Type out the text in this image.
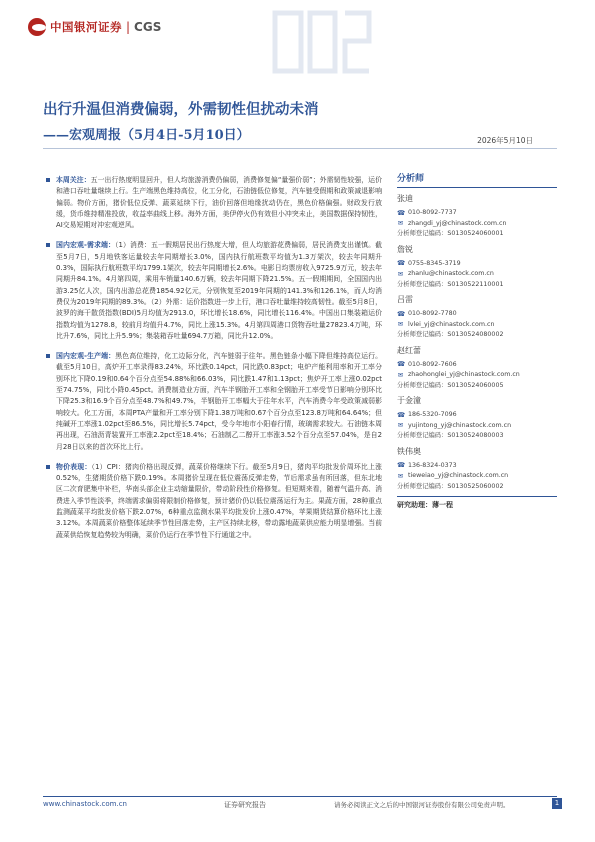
中国银河证券 | CGS
出行升温但消费偏弱，外需韧性但扰动未消
——宏观周报（5月4日-5月10日）	2026年5月10日

本周关注：五一出行热度明显回升，但人均旅游消费仍偏弱，消费修复偏“量强价弱”；外需韧性较强，运价和港口吞吐量继续上行。生产端黑色维持高位，化工分化，石油链低位修复，汽车链受假期和政策减退影响偏弱。物价方面，猪价低位反弹、蔬菜延续下行，油价回落但地缘扰动仍在，黑色价格偏强。财政发行放缓，货币维持精准投放，收益率曲线上移。海外方面，美伊停火仍有效但小冲突未止，美国数据保持韧性，AI交易短期对冲宏观逆风。

国内宏观-需求端：（1）消费：五一假期居民出行热度大增，但人均旅游花费偏弱，居民消费支出谨慎。截至5月7日，5月地铁客运量较去年同期增长3.0%，国内执行航班数平均值为1.3万架次，较去年同期升0.3%，国际执行航班数平均1799.1架次，较去年同期增长2.6%。电影日均票房收入9725.9万元，较去年同期升84.1%。4月第四周，乘用车销量140.6万辆，较去年同期下降21.5%。五一假期期间，全国国内出游3.25亿人次，国内出游总花费1854.92亿元，分别恢复至2019年同期的141.3%和126.1%，而人均消费仅为2019年同期的89.3%。（2）外需：运价指数进一步上行，港口吞吐量维持较高韧性。截至5月8日，波罗的海干散货指数(BDI)5月均值为2913.0，环比增长18.6%，同比增长116.4%。中国出口集装箱运价指数均值为1278.8，较前月均值升4.7%，同比上涨15.3%。4月第四周港口货物吞吐量27823.4万吨，环比升7.6%，同比上升5.9%；集装箱吞吐量694.7万箱，同比升12.0%。

国内宏观-生产端：黑色高位维持，化工边际分化，汽车链弱于往年。黑色链条小幅下降但维持高位运行。截至5月10日，高炉开工率录得83.24%，环比跌0.14pct，同比跌0.83pct；电炉产能利用率和开工率分别环比下降0.19和0.64个百分点至54.88%和66.03%，同比跌1.47和1.13pct；焦炉开工率上涨0.02pct至74.75%，同比小降0.45pct。消费制造业方面，汽车半钢胎开工率和全钢胎开工率受节日影响分别环比下降25.3和16.9个百分点至48.7%和49.7%，半钢胎开工率幅大于往年水平，汽车消费今年受政策减弱影响较大。化工方面，本周PTA产量和开工率分别下降1.38万吨和0.67个百分点至123.8万吨和64.64%；但纯碱开工率涨1.02pct至86.5%，同比增长5.74pct，受今年地市小阳春行情，玻璃需求较大。石油链本周再出现，石油沥青装置开工率涨2.2pct至18.4%；石油制乙二醇开工率涨3.52个百分点至57.04%，是自2月28日以来的首次环比上行。

物价表现：（1）CPI：猪肉价格出现反弹，蔬菜价格继续下行。截至5月9日，猪肉平均批发价周环比上涨0.52%，生猪期货价格下跌0.19%。本周猪价呈现在低位震荡反弹走势，节后需求虽有所回落，但东北地区二次育肥集中补栏，华南头部企业主动缩量限价，带动阶段性价格修复。但短期来看，随着气温升高、消费进入季节性淡季，终端需求偏弱将限制价格修复，预计猪价仍以低位震荡运行为主。果蔬方面，28种重点监测蔬菜平均批发价格下跌2.07%，6种重点监测水果平均批发价上涨0.47%，苹果期货结算价格环比上涨3.12%。本周蔬菜价格整体延续季节性回落走势，主产区持续北移，带动露地蔬菜供应能力明显增强。当前蔬菜供给恢复趋势较为明确，菜价仍运行在季节性下行通道之中。

分析师
张迪
☎ 010-8092-7737
✉ zhangdi_yj@chinastock.com.cn
分析师登记编码：S0130524060001
詹锐
☎ 0755-8345-3719
✉ zhanlu@chinastock.com.cn
分析师登记编码：S0130522110001
吕雷
☎ 010-8092-7780
✉ lvlei_yj@chinastock.com.cn
分析师登记编码：S0130524080002
赵红蕾
☎ 010-8092-7606
✉ zhaohonglei_yj@chinastock.com.cn
分析师登记编码：S0130524060005
于金潼
☎ 186-5320-7096
✉ yujintong_yj@chinastock.com.cn
分析师登记编码：S0130524080003
铁伟奥
☎ 136-8324-0373
✉ tieweiao_yj@chinastock.com.cn
分析师登记编码：S0130525060002
研究助理：薄一程
www.chinastock.com.cn	证券研究报告	请务必阅读正文之后的中国银河证券股份有限公司免责声明。	1
